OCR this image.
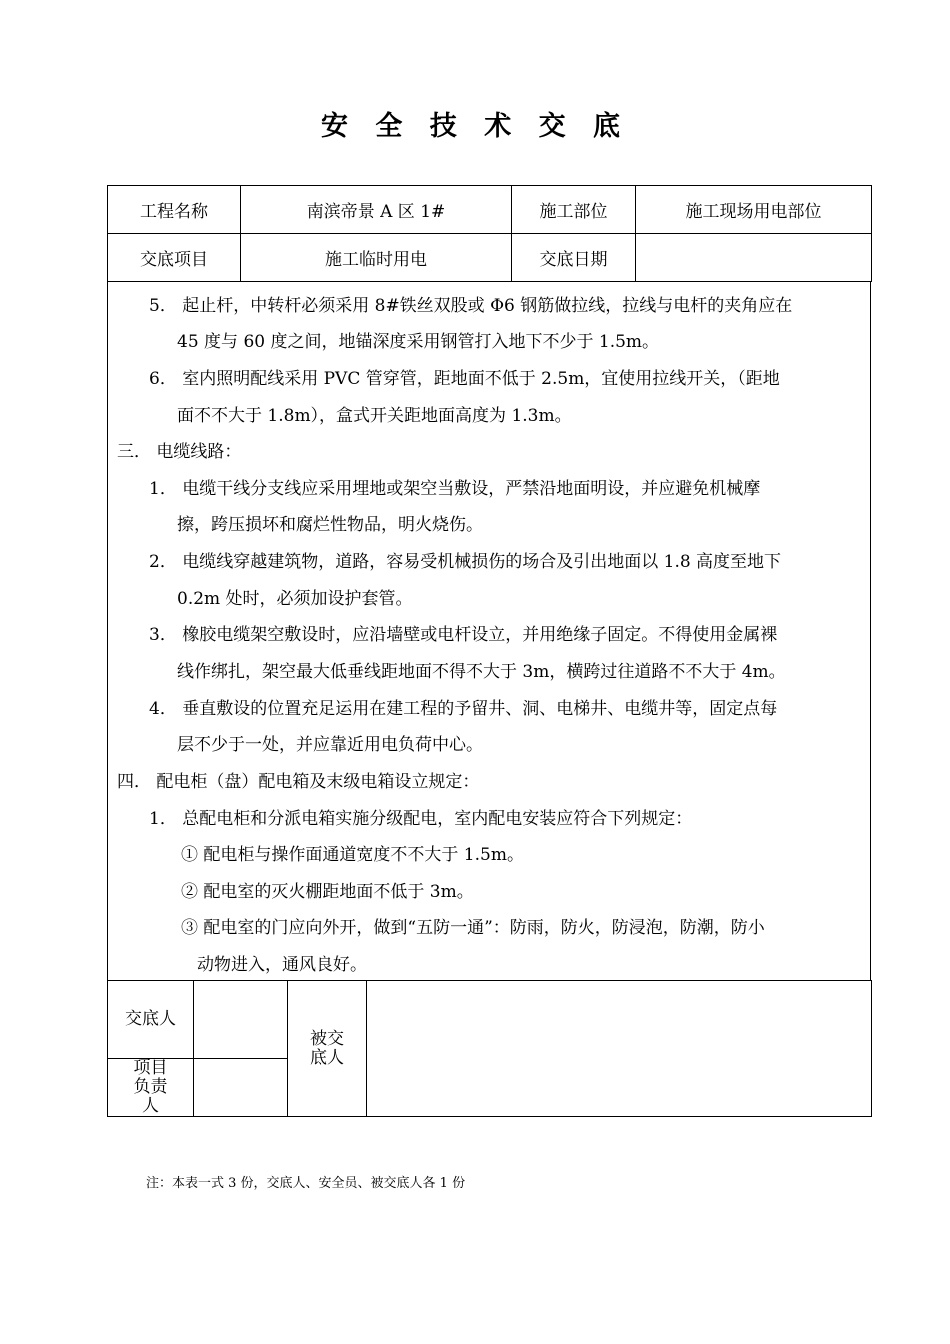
安 全 技 术 交 底
工程名称	南滨帝景 A 区 1#	施工部位	施工现场用电部位
交底项目	施工临时用电	交底日期	

5． 起止杆，中转杆必须采用 8#铁丝双股或 Φ6 钢筋做拉线，拉线与电杆的夹角应在

45 度与 60 度之间，地锚深度采用钢管打入地下不少于 1.5m。

6． 室内照明配线采用 PVC 管穿管，距地面不低于 2.5m，宜使用拉线开关，（距地

面不不大于 1.8m），盒式开关距地面高度为 1.3m。

三． 电缆线路：

1． 电缆干线分支线应采用埋地或架空当敷设，严禁沿地面明设，并应避免机械摩

擦，跨压损坏和腐烂性物品，明火烧伤。

2． 电缆线穿越建筑物，道路，容易受机械损伤的场合及引出地面以 1.8 高度至地下

0.2m 处时，必须加设护套管。

3． 橡胶电缆架空敷设时，应沿墙壁或电杆设立，并用绝缘子固定。不得使用金属裸

线作绑扎，架空最大低垂线距地面不得不大于 3m，横跨过往道路不不大于 4m。

4． 垂直敷设的位置充足运用在建工程的予留井、洞、电梯井、电缆井等，固定点每

层不少于一处，并应靠近用电负荷中心。

四． 配电柜（盘）配电箱及末级电箱设立规定：

1． 总配电柜和分派电箱实施分级配电，室内配电安装应符合下列规定：

① 配电柜与操作面通道宽度不不大于 1.5m。

② 配电室的灭火棚距地面不低于 3m。

③ 配电室的门应向外开，做到“五防一通”：防雨，防火，防浸泡，防潮，防小

动物进入，通风良好。

交底人		被交底人	
项目负责人			
注：本表一式 3 份，交底人、安全员、被交底人各 1 份
